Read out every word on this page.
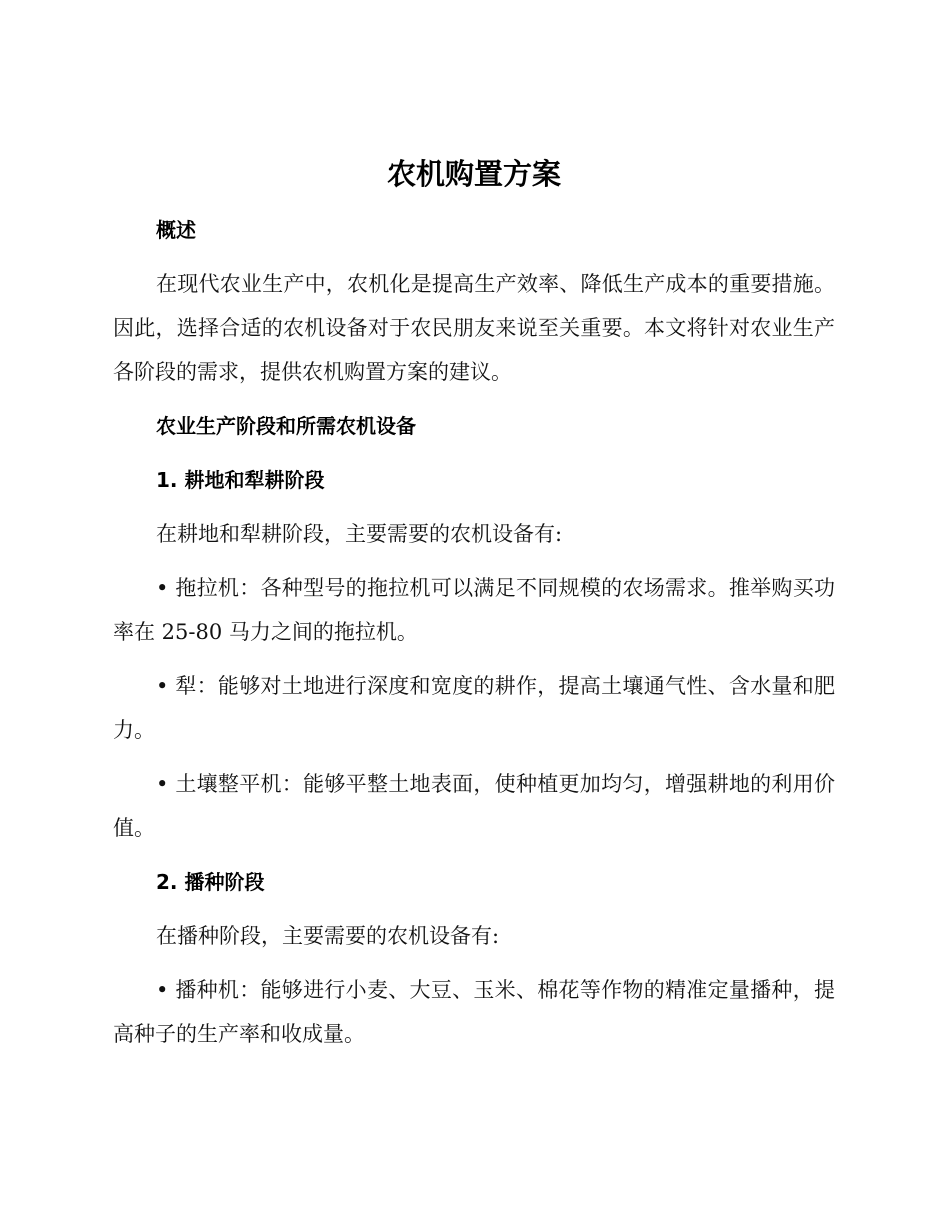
农机购置方案
概述

在现代农业生产中，农机化是提高生产效率、降低生产成本的重要措施。因此，选择合适的农机设备对于农民朋友来说至关重要。本文将针对农业生产各阶段的需求，提供农机购置方案的建议。

农业生产阶段和所需农机设备
1. 耕地和犁耕阶段

在耕地和犁耕阶段，主要需要的农机设备有:

• 拖拉机：各种型号的拖拉机可以满足不同规模的农场需求。推举购买功率在 25-80 马力之间的拖拉机。

• 犁：能够对土地进行深度和宽度的耕作，提高土壤通气性、含水量和肥力。

• 土壤整平机：能够平整土地表面，使种植更加均匀，增强耕地的利用价值。

2. 播种阶段

在播种阶段，主要需要的农机设备有:

• 播种机：能够进行小麦、大豆、玉米、棉花等作物的精准定量播种，提高种子的生产率和收成量。
